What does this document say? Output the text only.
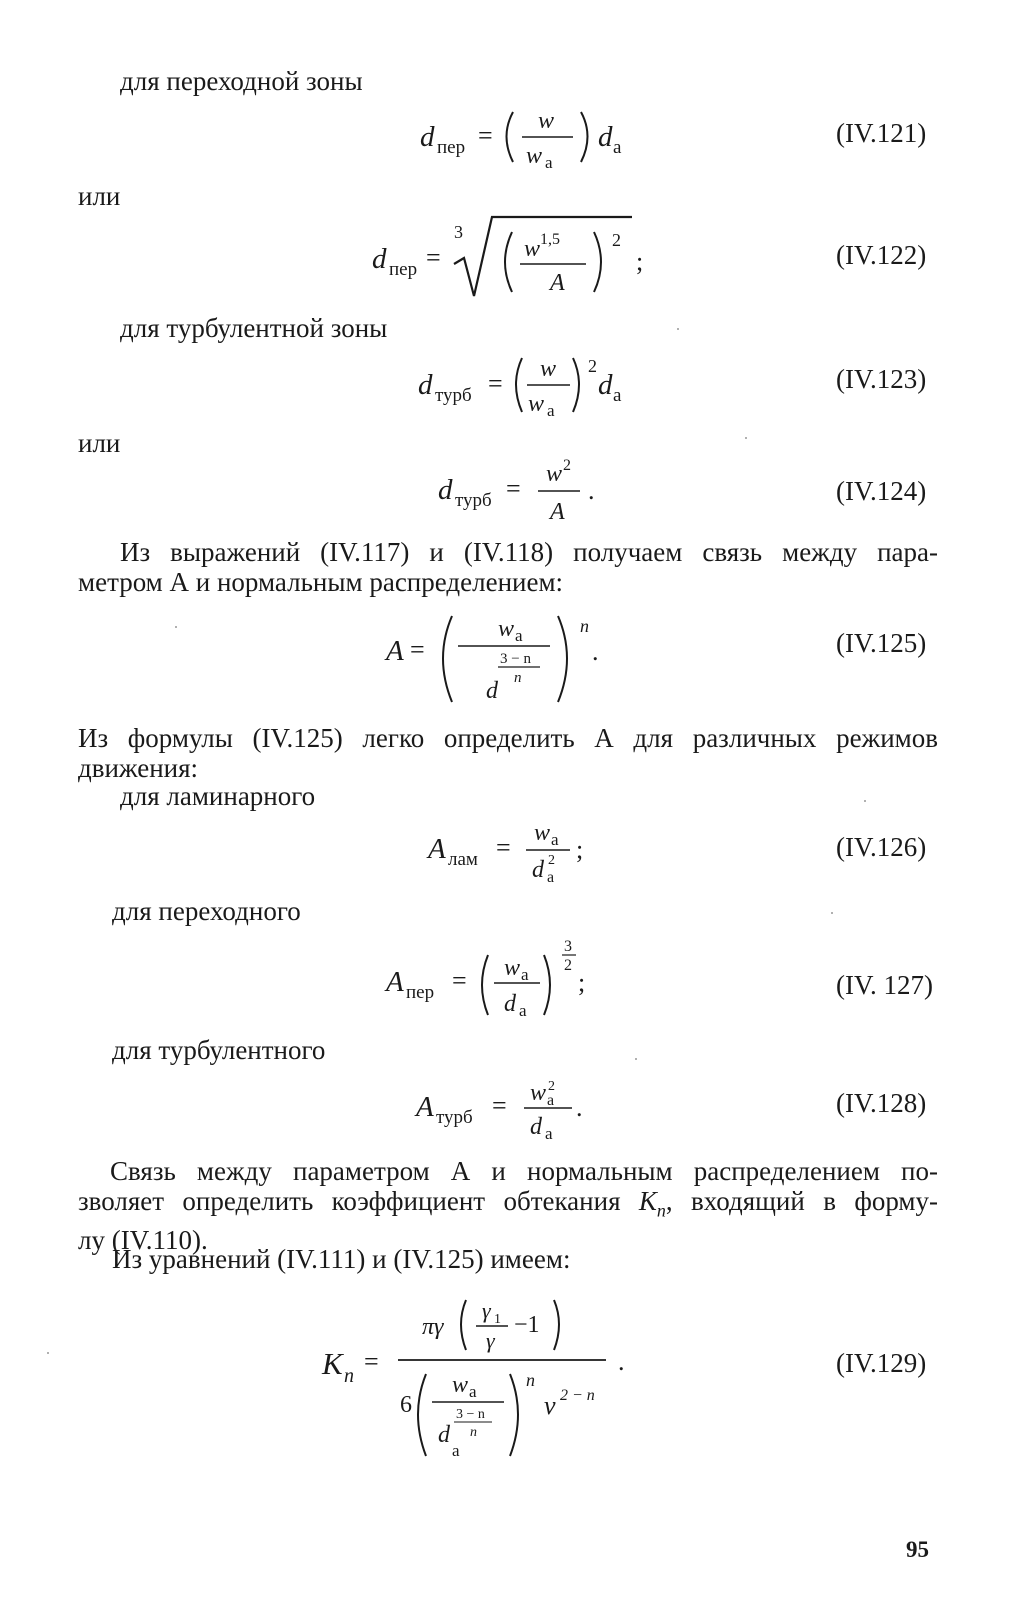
для переходной зоны
d пер = w
w а
d а	(IV.121)
или
d пер =
3
w 1,5
A
2
;	(IV.122)
для турбулентной зоны
d турб = w
w а
2
d а
(IV.123)
или
d турб = w 2
A
.	(IV.124)
Из выражений (IV.117) и (IV.118) получаем связь между пара-
метром А и нормальным распределением:
A =
w а
3 − n
n
d
n
.	(IV.125)
Из формулы (IV.125) легко определить А для различных режимов
движения:
для ламинарного
A лам = w а
d а
2 ;	(IV.126)
для переходного
A пер = w а
d а
3
2
;	(IV. 127)
для турбулентного
A турб = w а
2
d а
.	(IV.128)
Связь между параметром А и нормальным распределением по-
зволяет определить коэффициент обтекания $K_n$, входящий в форму-
лу (IV.110).
Из уравнений (IV.111) и (IV.125) имеем:
K n =
πγ
γ 1
γ
−1
6
w а
3 − n
n
d
а
n
ν 2 − n
.	(IV.129)
95
